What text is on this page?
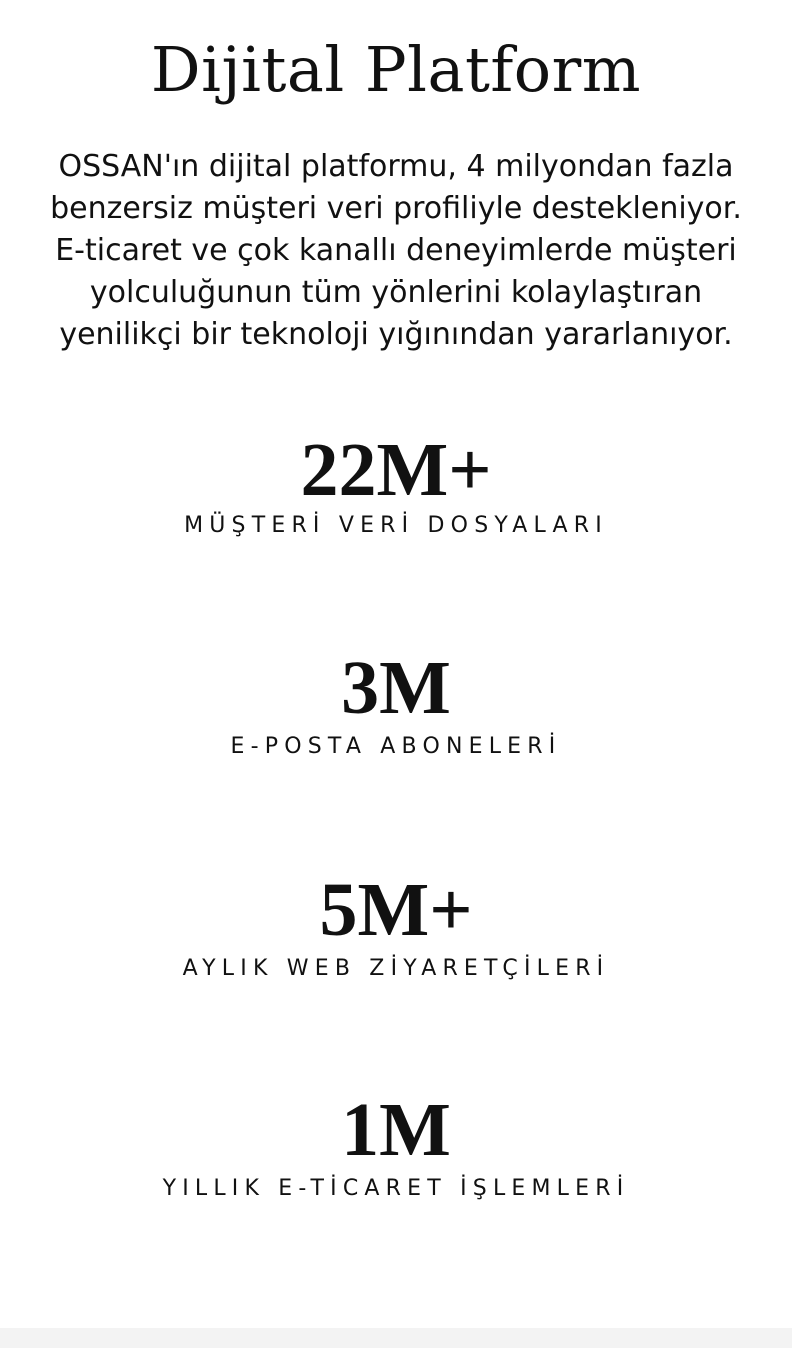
Dijital Platform

OSSAN'ın dijital platformu, 4 milyondan fazla
benzersiz müşteri veri profiliyle destekleniyor.
E-ticaret ve çok kanallı deneyimlerde müşteri
yolculuğunun tüm yönlerini kolaylaştıran
yenilikçi bir teknoloji yığınından yararlanıyor.

22M+
MÜŞTERİ VERİ DOSYALARI
3M
E-POSTA ABONELERİ
5M+
AYLIK WEB ZİYARETÇİLERİ
1M
YILLIK E-TİCARET İŞLEMLERİ
